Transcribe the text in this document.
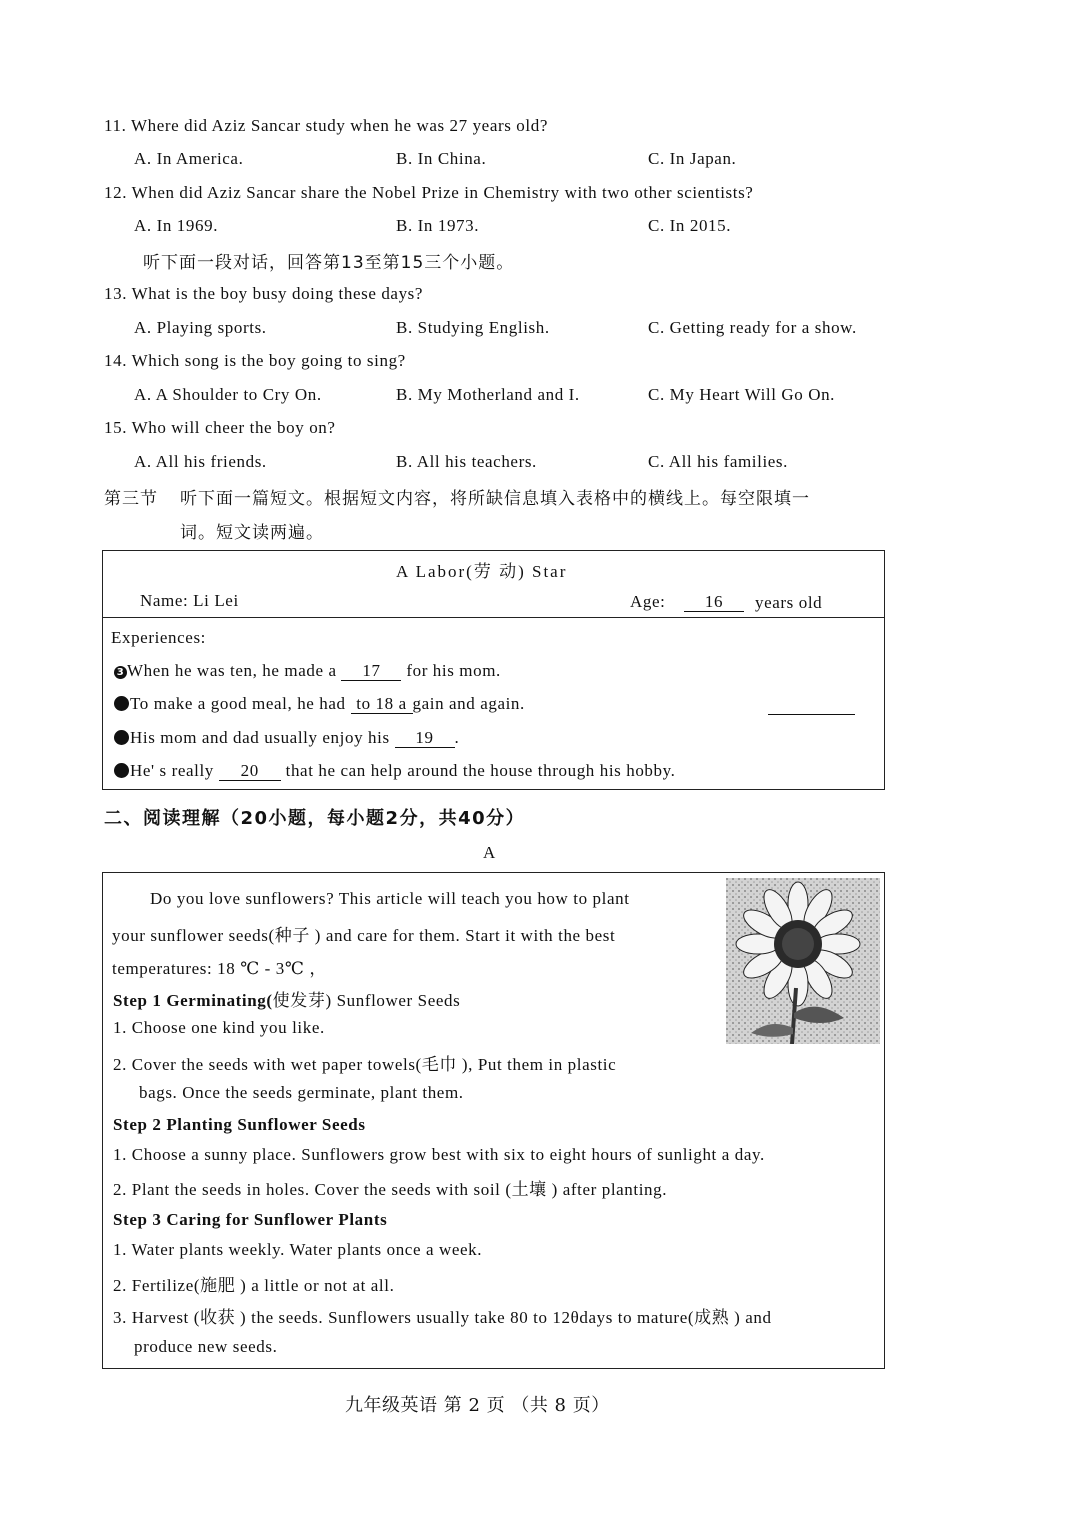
11. Where did Aziz Sancar study when he was 27 years old?
A. In America.	B. In China.	C. In Japan.
12. When did Aziz Sancar share the Nobel Prize in Chemistry with two other scientists?
A. In 1969.	B. In 1973.	C. In 2015.
听下面一段对话，回答第13至第15三个小题。
13. What is the boy busy doing these days?
A. Playing sports.	B. Studying English.	C. Getting ready for a show.
14. Which song is the boy going to sing?
A. A Shoulder to Cry On.	B. My Motherland and I.	C. My Heart Will Go On.
15. Who will cheer the boy on?
A. All his friends.	B. All his teachers.	C. All his families.
第三节 听下面一篇短文。根据短文内容，将所缺信息填入表格中的横线上。每空限填一
词。短文读两遍。
A Labor(劳 动) Star
Name: Li Lei	Age:	16	years old
Experiences:
3 When he was ten, he made a 17 for his mom.
To make a good meal, he had to 18 a gain and again.
His mom and dad usually enjoy his 19 .
He' s really 20 that he can help around the house through his hobby.
二、阅读理解（20小题，每小题2分，共40分）
A
Do you love sunflowers? This article will teach you how to plant
your sunflower seeds(种子 ) and care for them. Start it with the best
temperatures: 18 ℃ - 3℃ ，
Step 1 Germinating(使发芽) Sunflower Seeds
1. Choose one kind you like.
2. Cover the seeds with wet paper towels(毛巾 ), Put them in plastic
bags. Once the seeds germinate, plant them.
Step 2 Planting Sunflower Seeds
1. Choose a sunny place. Sunflowers grow best with six to eight hours of sunlight a day.
2. Plant the seeds in holes. Cover the seeds with soil (土壤 ) after planting.
Step 3 Caring for Sunflower Plants
1. Water plants weekly. Water plants once a week.
2. Fertilize(施肥 ) a little or not at all.
3. Harvest (收获 ) the seeds. Sunflowers usually take 80 to 12θdays to mature(成熟 ) and
produce new seeds.
九年级英语 第 2 页 （共 8 页）
